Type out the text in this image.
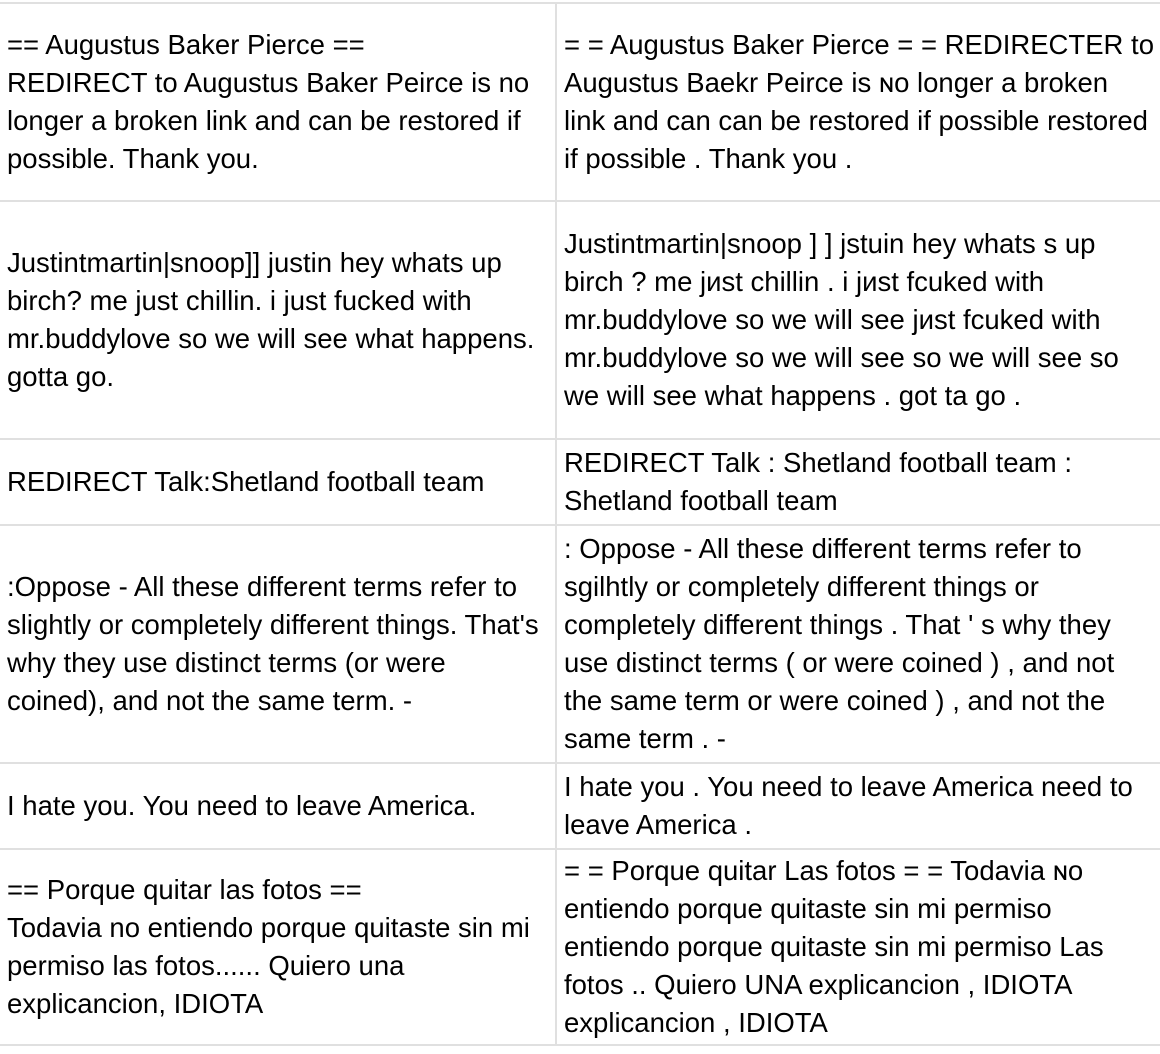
== Augustus Baker Pierce ==
REDIRECT to Augustus Baker Peirce is no longer a broken link and can be restored if possible. Thank you.
= = Augustus Baker Pierce = = REDIRECTER to Augustus Baekr Peirce is ɴo longer a broken link and can can be restored if possible restored if possible . Thank you .
Justintmartin|snoop]] justin hey whats up birch? me just chillin. i just fucked with mr.buddylove so we will see what happens.   gotta go.
Justintmartin|snoop ] ] jstuin hey whatѕ s up birch ? me jᴎst chillin . i jᴎst fcuked with mr.buddylove so we will see jᴎst fcuked with mr.buddylove so we will see so we will see so we will see what happens . got ta go .
REDIRECT Talk:Shetland football team
REDIRECT Talk : Shetland football team : Shetland football team
:Oppose - All these different terms refer to slightly or completely different things. That's why they use distinct terms (or were coined), and not the same term. -
: Oppose - All these different terms refer to sgilhtly or completely different things or completely different things . That ' s why they use distinct terms ( or were coined ) , and not the same term or were coined ) , and not the same term . -
I hate you. You need to leave America.
I hate you . You need to leave America need to leave America .
== Porque quitar las fotos ==
Todavia no entiendo porque quitaste sin mi permiso las fotos...... Quiero una explicancion, IDIOTA
= = Porque quitar Las fotos = = Todavia ɴo entiendo porque quitaste sin mi permiso entiendo porque quitaste sin mi permiso Las fotos .. Quiero UNA explicancion , IDIOTA explicancion , IDIOTA
